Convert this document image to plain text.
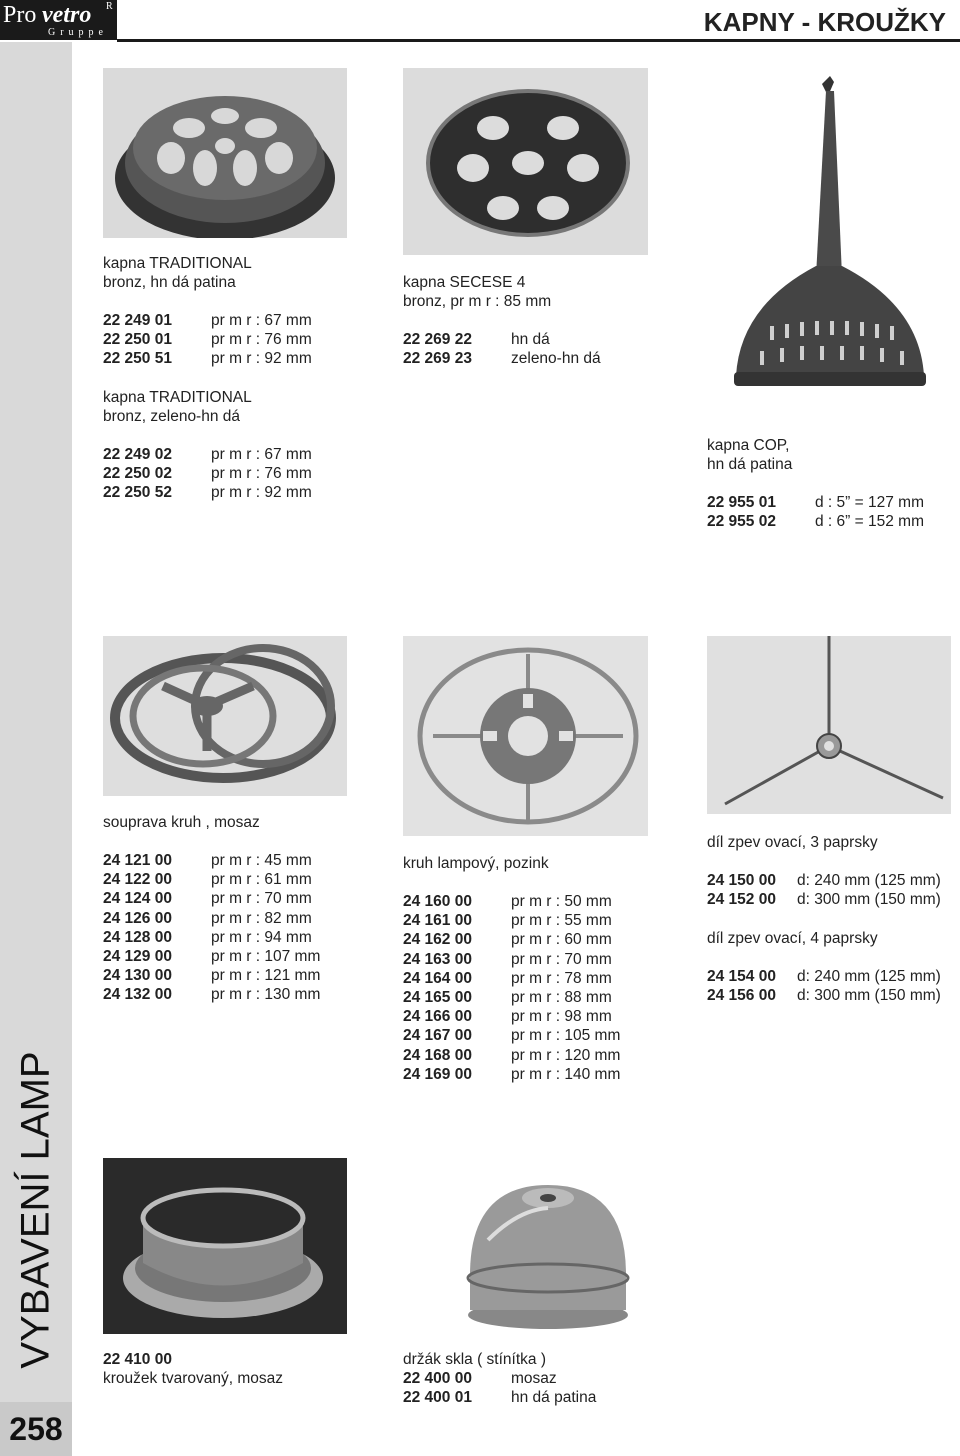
Pro vetro R
Gruppe	KAPNY - KROUŽKY
VYBAVENÍ LAMP
258
kapna TRADITIONAL
bronz, hn dá patina
22 249 01	pr m r : 67 mm
22 250 01	pr m r : 76 mm
22 250 51	pr m r : 92 mm
kapna SECESE 4
bronz, pr m r : 85 mm
22 269 22	hn dá
22 269 23	zeleno-hn dá
kapna TRADITIONAL
bronz, zeleno-hn dá
22 249 02	pr m r : 67 mm
22 250 02	pr m r : 76 mm
22 250 52	pr m r : 92 mm
kapna COP,
hn dá patina
22 955 01	d : 5” = 127 mm
22 955 02	d : 6” = 152 mm
souprava kruh , mosaz
24 121 00	pr m r : 45 mm
24 122 00	pr m r : 61 mm
24 124 00	pr m r : 70 mm
24 126 00	pr m r : 82 mm
24 128 00	pr m r : 94 mm
24 129 00	pr m r : 107 mm
24 130 00	pr m r : 121 mm
24 132 00	pr m r : 130 mm
kruh lampový, pozink
24 160 00	pr m r : 50 mm
24 161 00	pr m r : 55 mm
24 162 00	pr m r : 60 mm
24 163 00	pr m r : 70 mm
24 164 00	pr m r : 78 mm
24 165 00	pr m r : 88 mm
24 166 00	pr m r : 98 mm
24 167 00	pr m r : 105 mm
24 168 00	pr m r : 120 mm
24 169 00	pr m r : 140 mm
díl zpev ovací, 3 paprsky
24 150 00 d: 240 mm (125 mm)
24 152 00 d: 300 mm (150 mm)
díl zpev ovací, 4 paprsky
24 154 00 d: 240 mm (125 mm)
24 156 00 d: 300 mm (150 mm)
22 410 00
kroužek tvarovaný, mosaz
držák skla ( stínítka )
22 400 00	mosaz
22 400 01	hn dá patina
